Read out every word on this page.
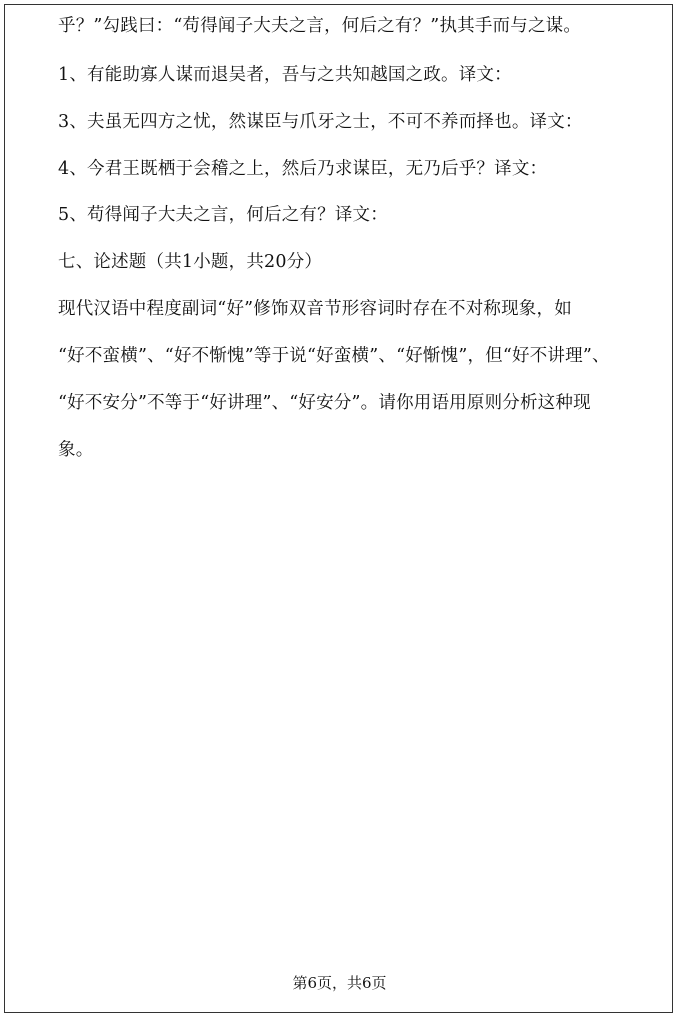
乎？”勾践曰：“苟得闻子大夫之言，何后之有？”执其手而与之谋。
1、有能助寡人谋而退吴者，吾与之共知越国之政。译文：
3、夫虽无四方之忧，然谋臣与爪牙之士，不可不养而择也。译文：
4、今君王既栖于会稽之上，然后乃求谋臣，无乃后乎？译文：
5、苟得闻子大夫之言，何后之有？译文：
七、论述题（共1小题，共20分）
现代汉语中程度副词“好”修饰双音节形容词时存在不对称现象，如
“好不蛮横”、“好不惭愧”等于说“好蛮横”、“好惭愧”，但“好不讲理”、
“好不安分”不等于“好讲理”、“好安分”。请你用语用原则分析这种现
象。
第6页，共6页
